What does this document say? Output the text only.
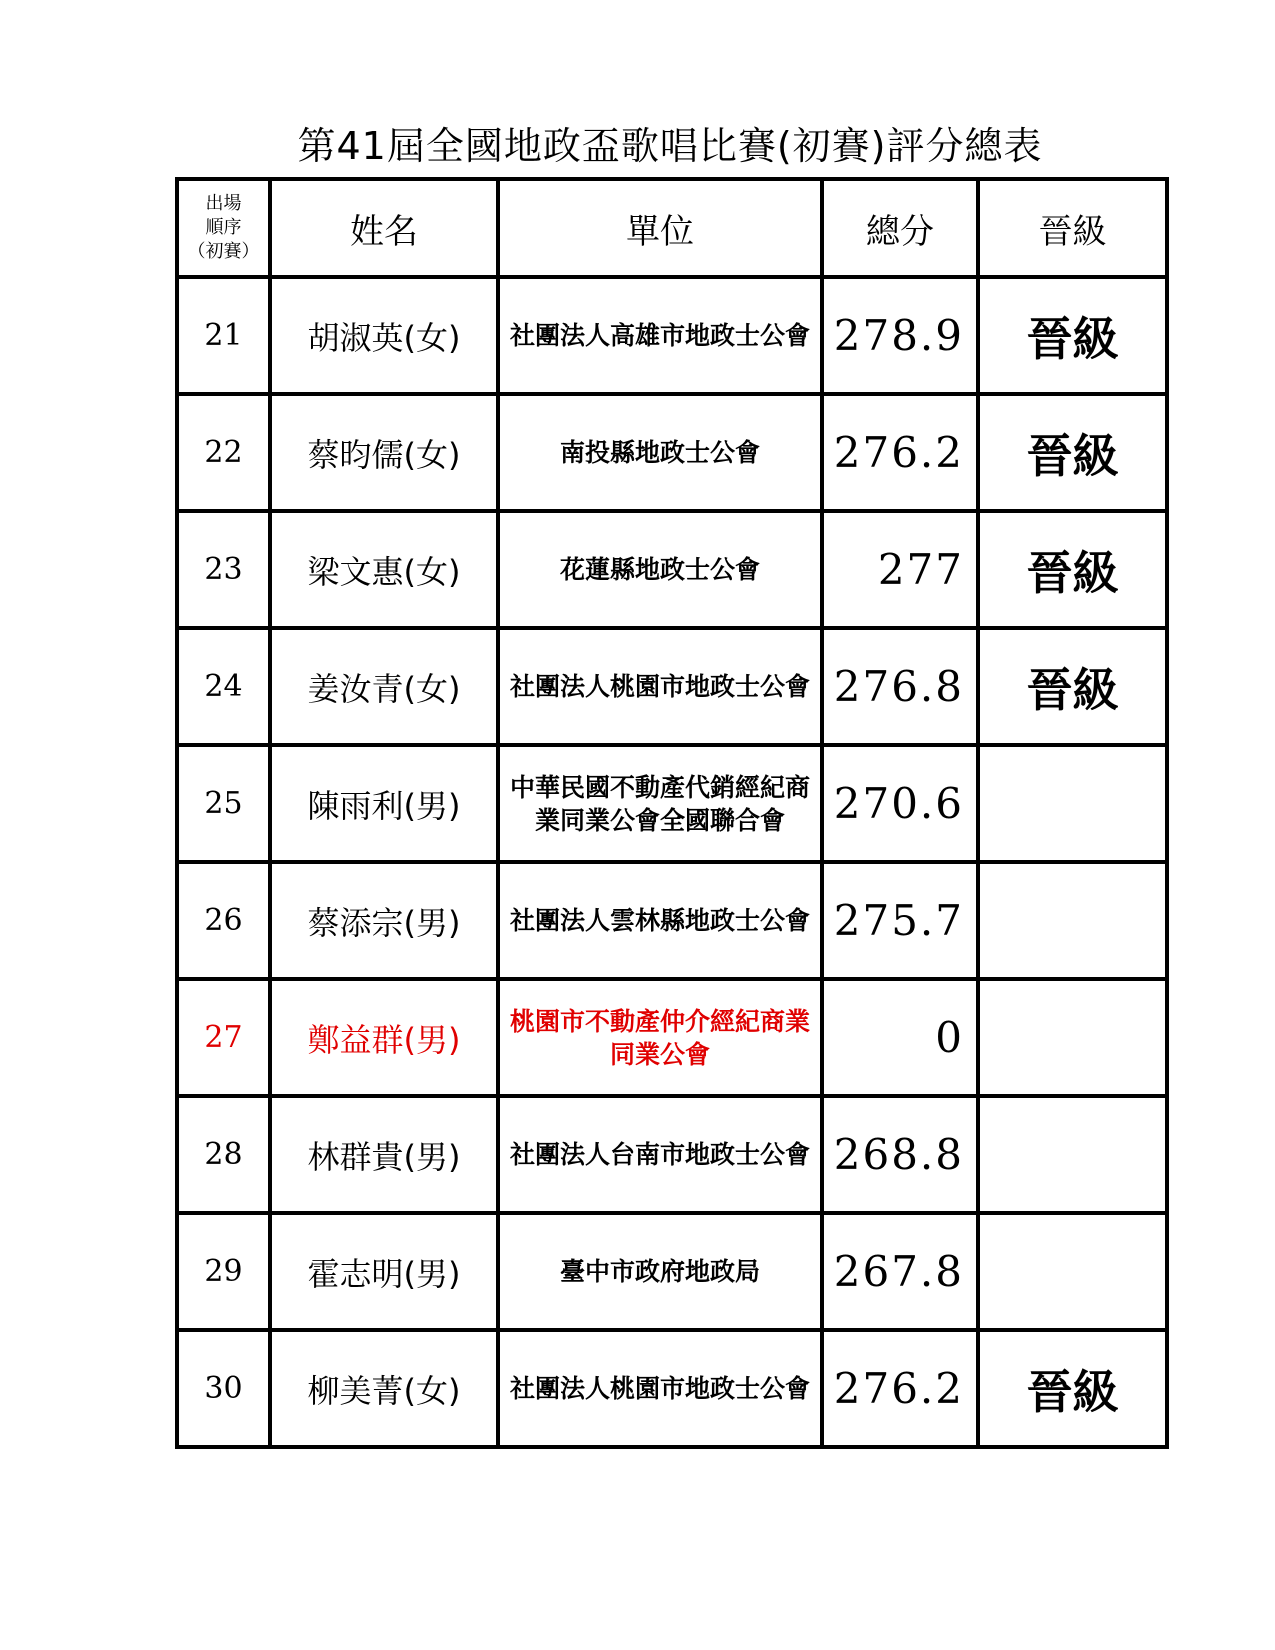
第41屆全國地政盃歌唱比賽(初賽)評分總表
出場
順序
（初賽）	姓名	單位	總分	晉級
21	胡淑英(女)	社團法人高雄市地政士公會	278.9	晉級
22	蔡昀儒(女)	南投縣地政士公會	276.2	晉級
23	梁文惠(女)	花蓮縣地政士公會	277	晉級
24	姜汝青(女)	社團法人桃園市地政士公會	276.8	晉級
25	陳雨利(男)	中華民國不動產代銷經紀商業同業公會全國聯合會	270.6	
26	蔡添宗(男)	社團法人雲林縣地政士公會	275.7	
27	鄭益群(男)	桃園市不動產仲介經紀商業同業公會	0	
28	林群貴(男)	社團法人台南市地政士公會	268.8	
29	霍志明(男)	臺中市政府地政局	267.8	
30	柳美菁(女)	社團法人桃園市地政士公會	276.2	晉級
